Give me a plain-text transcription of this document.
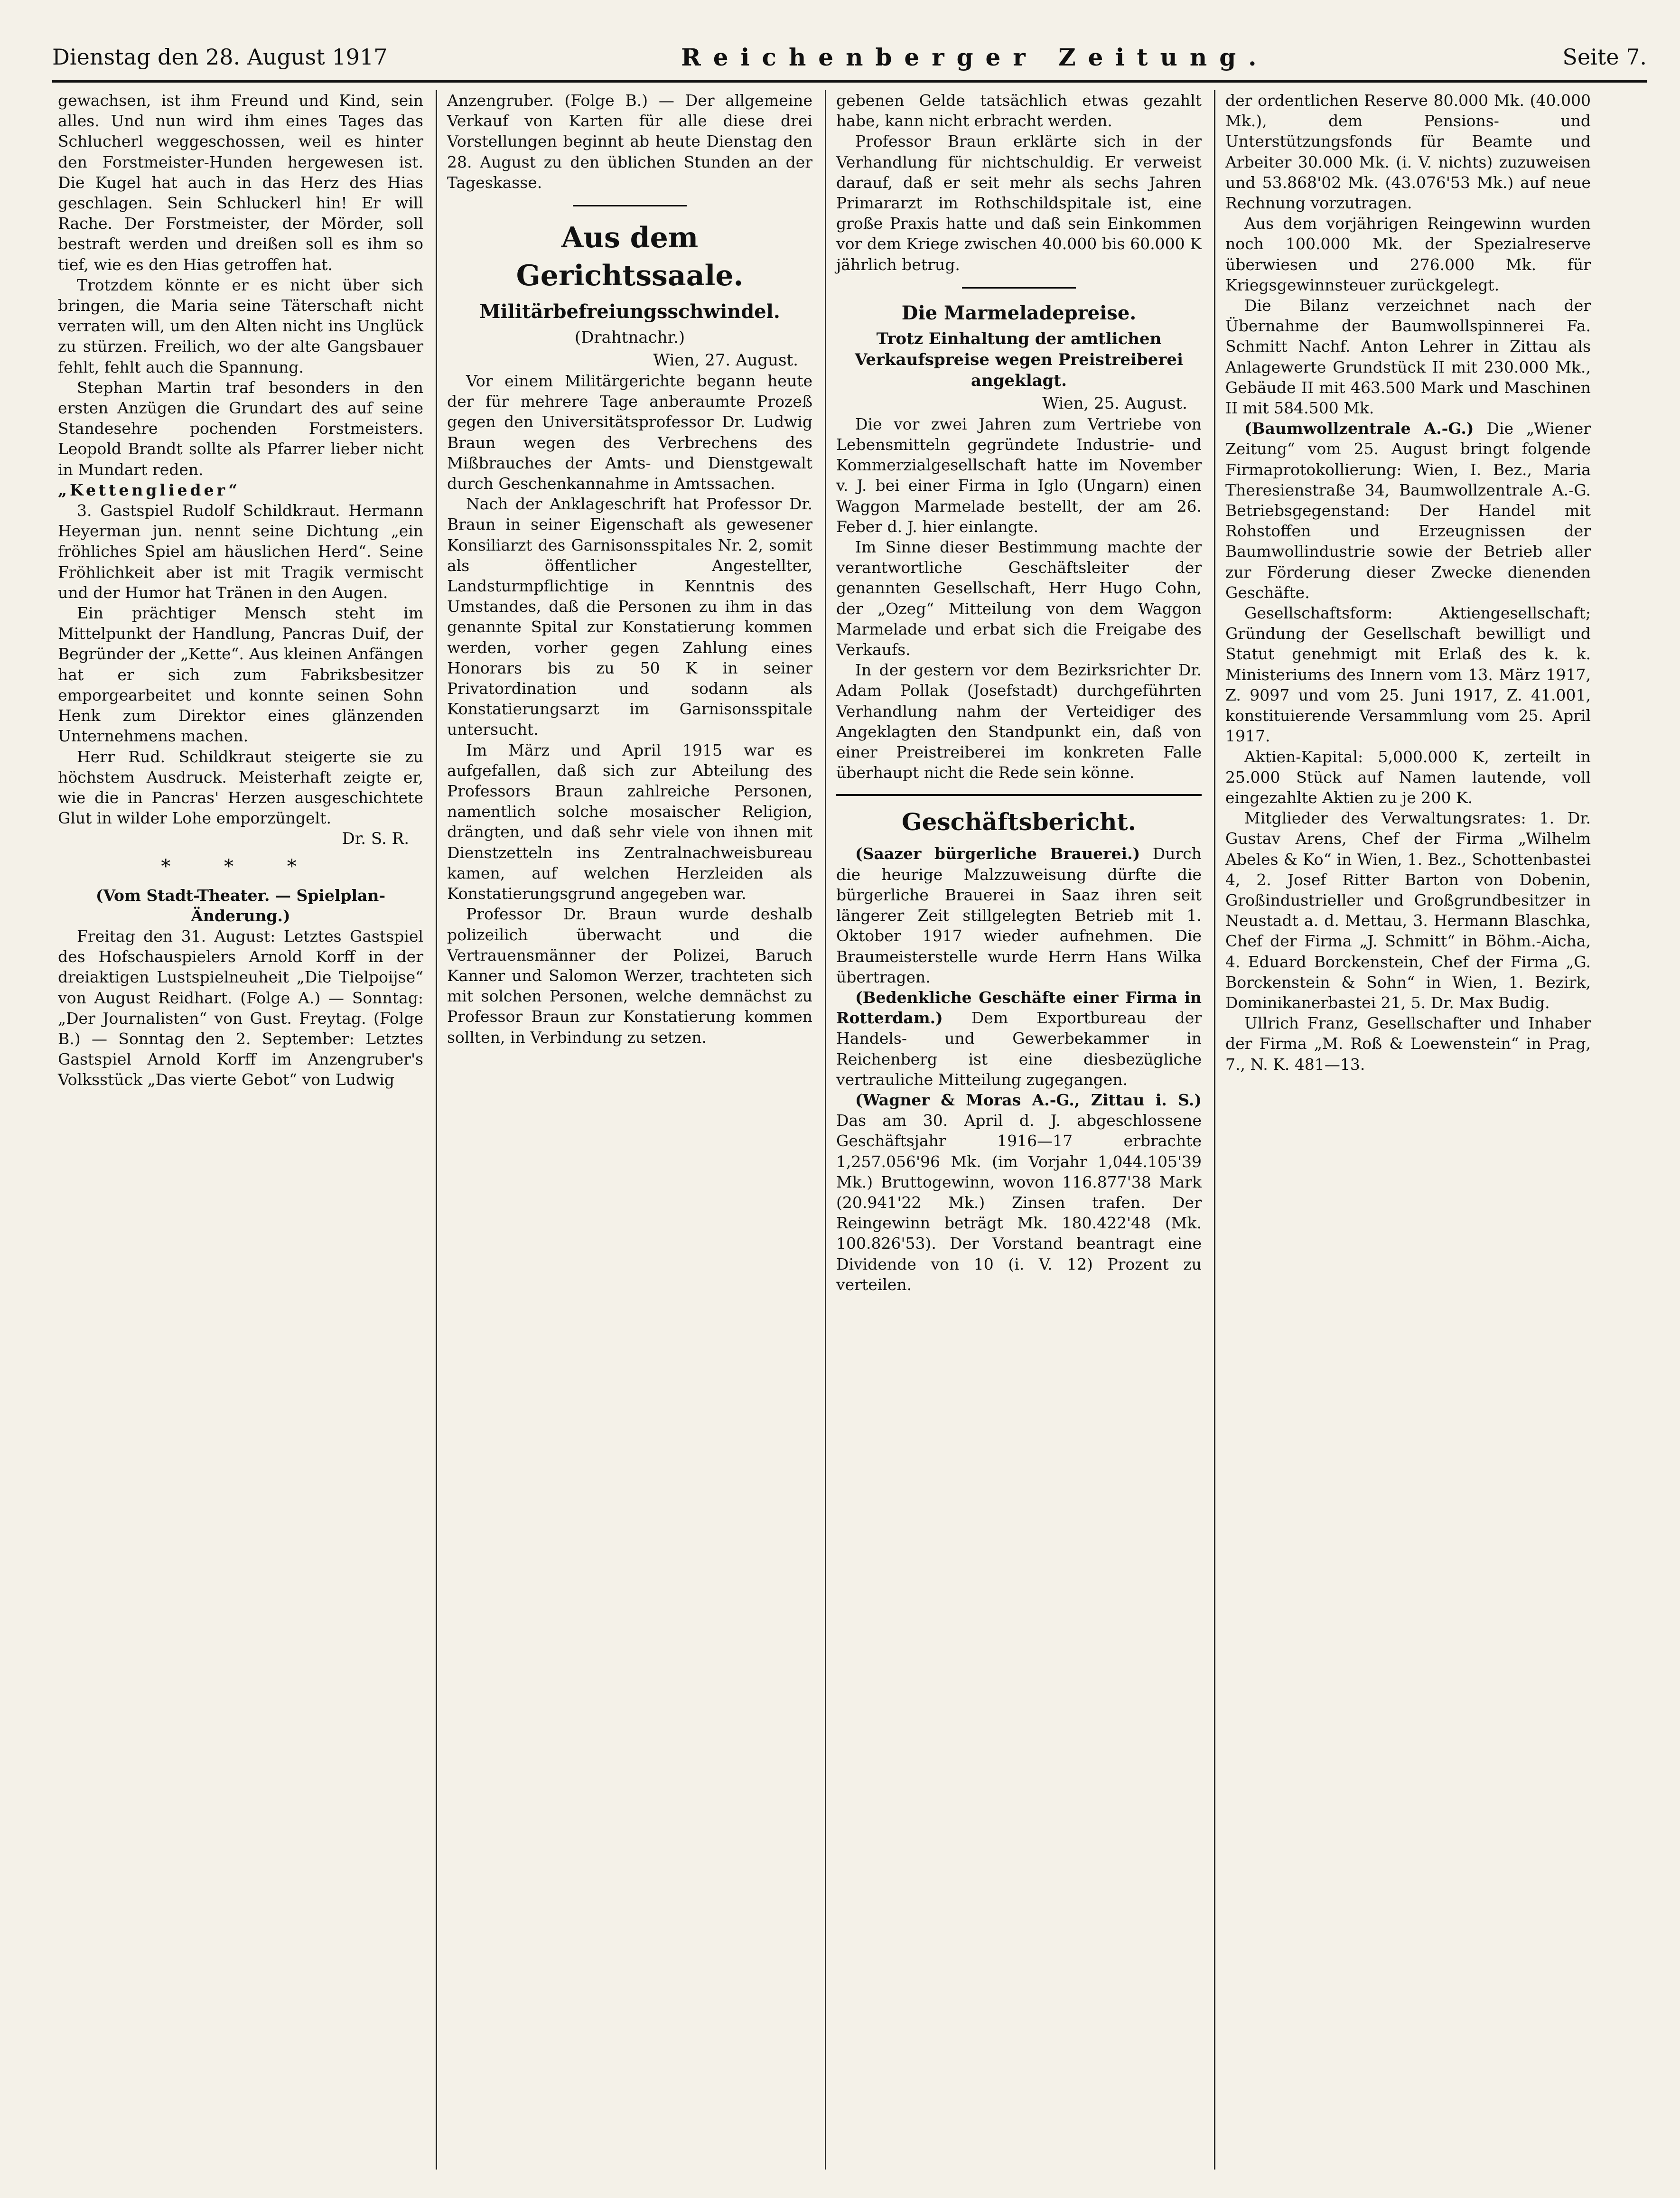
Dienstag den 28. August 1917	Reichenberger Zeitung.	Seite 7.

gewachsen, ist ihm Freund und Kind, sein alles. Und nun wird ihm eines Tages das Schlucherl weggeschossen, weil es hinter den Forstmeister-Hunden hergewesen ist. Die Kugel hat auch in das Herz des Hias geschlagen. Sein Schluckerl hin! Er will Rache. Der Forstmeister, der Mörder, soll bestraft werden und dreißen soll es ihm so tief, wie es den Hias getroffen hat.

Trotzdem könnte er es nicht über sich bringen, die Maria seine Täterschaft nicht verraten will, um den Alten nicht ins Unglück zu stürzen. Freilich, wo der alte Gangsbauer fehlt, fehlt auch die Spannung.

Stephan Martin traf besonders in den ersten Anzügen die Grundart des auf seine Standesehre pochenden Forstmeisters. Leopold Brandt sollte als Pfarrer lieber nicht in Mundart reden.

„Kettenglieder“

3. Gastspiel Rudolf Schildkraut. Hermann Heyerman jun. nennt seine Dichtung „ein fröhliches Spiel am häuslichen Herd“. Seine Fröhlichkeit aber ist mit Tragik vermischt und der Humor hat Tränen in den Augen.

Ein prächtiger Mensch steht im Mittelpunkt der Handlung, Pancras Duif, der Begründer der „Kette“. Aus kleinen Anfängen hat er sich zum Fabriksbesitzer emporgearbeitet und konnte seinen Sohn Henk zum Direktor eines glänzenden Unternehmens machen.

Herr Rud. Schildkraut steigerte sie zu höchstem Ausdruck. Meisterhaft zeigte er, wie die in Pancras' Herzen ausgeschichtete Glut in wilder Lohe emporzüngelt.

Dr. S. R.
* * *

(Vom Stadt-Theater. — Spielplan-Änderung.)

Freitag den 31. August: Letztes Gastspiel des Hofschauspielers Arnold Korff in der dreiaktigen Lustspielneuheit „Die Tielpoijse“ von August Reidhart. (Folge A.) — Sonntag: „Der Journalisten“ von Gust. Freytag. (Folge B.) — Sonntag den 2. September: Letztes Gastspiel Arnold Korff im Anzengruber's Volksstück „Das vierte Gebot“ von Ludwig

Anzengruber. (Folge B.) — Der allgemeine Verkauf von Karten für alle diese drei Vorstellungen beginnt ab heute Dienstag den 28. August zu den üblichen Stunden an der Tageskasse.

Aus dem Gerichtssaale.
Militärbefreiungsschwindel.
(Drahtnachr.)
Wien, 27. August.

Vor einem Militärgerichte begann heute der für mehrere Tage anberaumte Prozeß gegen den Universitätsprofessor Dr. Ludwig Braun wegen des Verbrechens des Mißbrauches der Amts- und Dienstgewalt durch Geschenkannahme in Amtssachen.

Nach der Anklageschrift hat Professor Dr. Braun in seiner Eigenschaft als gewesener Konsiliarzt des Garnisonsspitales Nr. 2, somit als öffentlicher Angestellter, Landsturmpflichtige in Kenntnis des Umstandes, daß die Personen zu ihm in das genannte Spital zur Konstatierung kommen werden, vorher gegen Zahlung eines Honorars bis zu 50 K in seiner Privatordination und sodann als Konstatierungsarzt im Garnisonsspitale untersucht.

Im März und April 1915 war es aufgefallen, daß sich zur Abteilung des Professors Braun zahlreiche Personen, namentlich solche mosaischer Religion, drängten, und daß sehr viele von ihnen mit Dienstzetteln ins Zentralnachweisbureau kamen, auf welchen Herzleiden als Konstatierungsgrund angegeben war.

Professor Dr. Braun wurde deshalb polizeilich überwacht und die Vertrauensmänner der Polizei, Baruch Kanner und Salomon Werzer, trachteten sich mit solchen Personen, welche demnächst zu Professor Braun zur Konstatierung kommen sollten, in Verbindung zu setzen.

gebenen Gelde tatsächlich etwas gezahlt habe, kann nicht erbracht werden.

Professor Braun erklärte sich in der Verhandlung für nichtschuldig. Er verweist darauf, daß er seit mehr als sechs Jahren Primararzt im Rothschildspitale ist, eine große Praxis hatte und daß sein Einkommen vor dem Kriege zwischen 40.000 bis 60.000 K jährlich betrug.

Die Marmeladepreise.
Trotz Einhaltung der amtlichen Verkaufspreise wegen Preistreiberei angeklagt.
Wien, 25. August.

Die vor zwei Jahren zum Vertriebe von Lebensmitteln gegründete Industrie- und Kommerzialgesellschaft hatte im November v. J. bei einer Firma in Iglo (Ungarn) einen Waggon Marmelade bestellt, der am 26. Feber d. J. hier einlangte.

Im Sinne dieser Bestimmung machte der verantwortliche Geschäftsleiter der genannten Gesellschaft, Herr Hugo Cohn, der „Ozeg“ Mitteilung von dem Waggon Marmelade und erbat sich die Freigabe des Verkaufs.

In der gestern vor dem Bezirksrichter Dr. Adam Pollak (Josefstadt) durchgeführten Verhandlung nahm der Verteidiger des Angeklagten den Standpunkt ein, daß von einer Preistreiberei im konkreten Falle überhaupt nicht die Rede sein könne.

Geschäftsbericht.

(Saazer bürgerliche Brauerei.) Durch die heurige Malzzuweisung dürfte die bürgerliche Brauerei in Saaz ihren seit längerer Zeit stillgelegten Betrieb mit 1. Oktober 1917 wieder aufnehmen. Die Braumeisterstelle wurde Herrn Hans Wilka übertragen.

(Bedenkliche Geschäfte einer Firma in Rotterdam.) Dem Exportbureau der Handels- und Gewerbekammer in Reichenberg ist eine diesbezügliche vertrauliche Mitteilung zugegangen.

(Wagner & Moras A.-G., Zittau i. S.) Das am 30. April d. J. abgeschlossene Geschäftsjahr 1916—17 erbrachte 1,257.056'96 Mk. (im Vorjahr 1,044.105'39 Mk.) Bruttogewinn, wovon 116.877'38 Mark (20.941'22 Mk.) Zinsen trafen. Der Reingewinn beträgt Mk. 180.422'48 (Mk. 100.826'53). Der Vorstand beantragt eine Dividende von 10 (i. V. 12) Prozent zu verteilen.

der ordentlichen Reserve 80.000 Mk. (40.000 Mk.), dem Pensions- und Unterstützungsfonds für Beamte und Arbeiter 30.000 Mk. (i. V. nichts) zuzuweisen und 53.868'02 Mk. (43.076'53 Mk.) auf neue Rechnung vorzutragen.

Aus dem vorjährigen Reingewinn wurden noch 100.000 Mk. der Spezialreserve überwiesen und 276.000 Mk. für Kriegsgewinnsteuer zurückgelegt.

Die Bilanz verzeichnet nach der Übernahme der Baumwollspinnerei Fa. Schmitt Nachf. Anton Lehrer in Zittau als Anlagewerte Grundstück II mit 230.000 Mk., Gebäude II mit 463.500 Mark und Maschinen II mit 584.500 Mk.

(Baumwollzentrale A.-G.) Die „Wiener Zeitung“ vom 25. August bringt folgende Firmaprotokollierung: Wien, I. Bez., Maria Theresienstraße 34, Baumwollzentrale A.-G. Betriebsgegenstand: Der Handel mit Rohstoffen und Erzeugnissen der Baumwollindustrie sowie der Betrieb aller zur Förderung dieser Zwecke dienenden Geschäfte.

Gesellschaftsform: Aktiengesellschaft; Gründung der Gesellschaft bewilligt und Statut genehmigt mit Erlaß des k. k. Ministeriums des Innern vom 13. März 1917, Z. 9097 und vom 25. Juni 1917, Z. 41.001, konstituierende Versammlung vom 25. April 1917.

Aktien-Kapital: 5,000.000 K, zerteilt in 25.000 Stück auf Namen lautende, voll eingezahlte Aktien zu je 200 K.

Mitglieder des Verwaltungsrates: 1. Dr. Gustav Arens, Chef der Firma „Wilhelm Abeles & Ko“ in Wien, 1. Bez., Schottenbastei 4, 2. Josef Ritter Barton von Dobenin, Großindustrieller und Großgrundbesitzer in Neustadt a. d. Mettau, 3. Hermann Blaschka, Chef der Firma „J. Schmitt“ in Böhm.-Aicha, 4. Eduard Borckenstein, Chef der Firma „G. Borckenstein & Sohn“ in Wien, 1. Bezirk, Dominikanerbastei 21, 5. Dr. Max Budig.

Ullrich Franz, Gesellschafter und Inhaber der Firma „M. Roß & Loewenstein“ in Prag, 7., N. K. 481—13.
